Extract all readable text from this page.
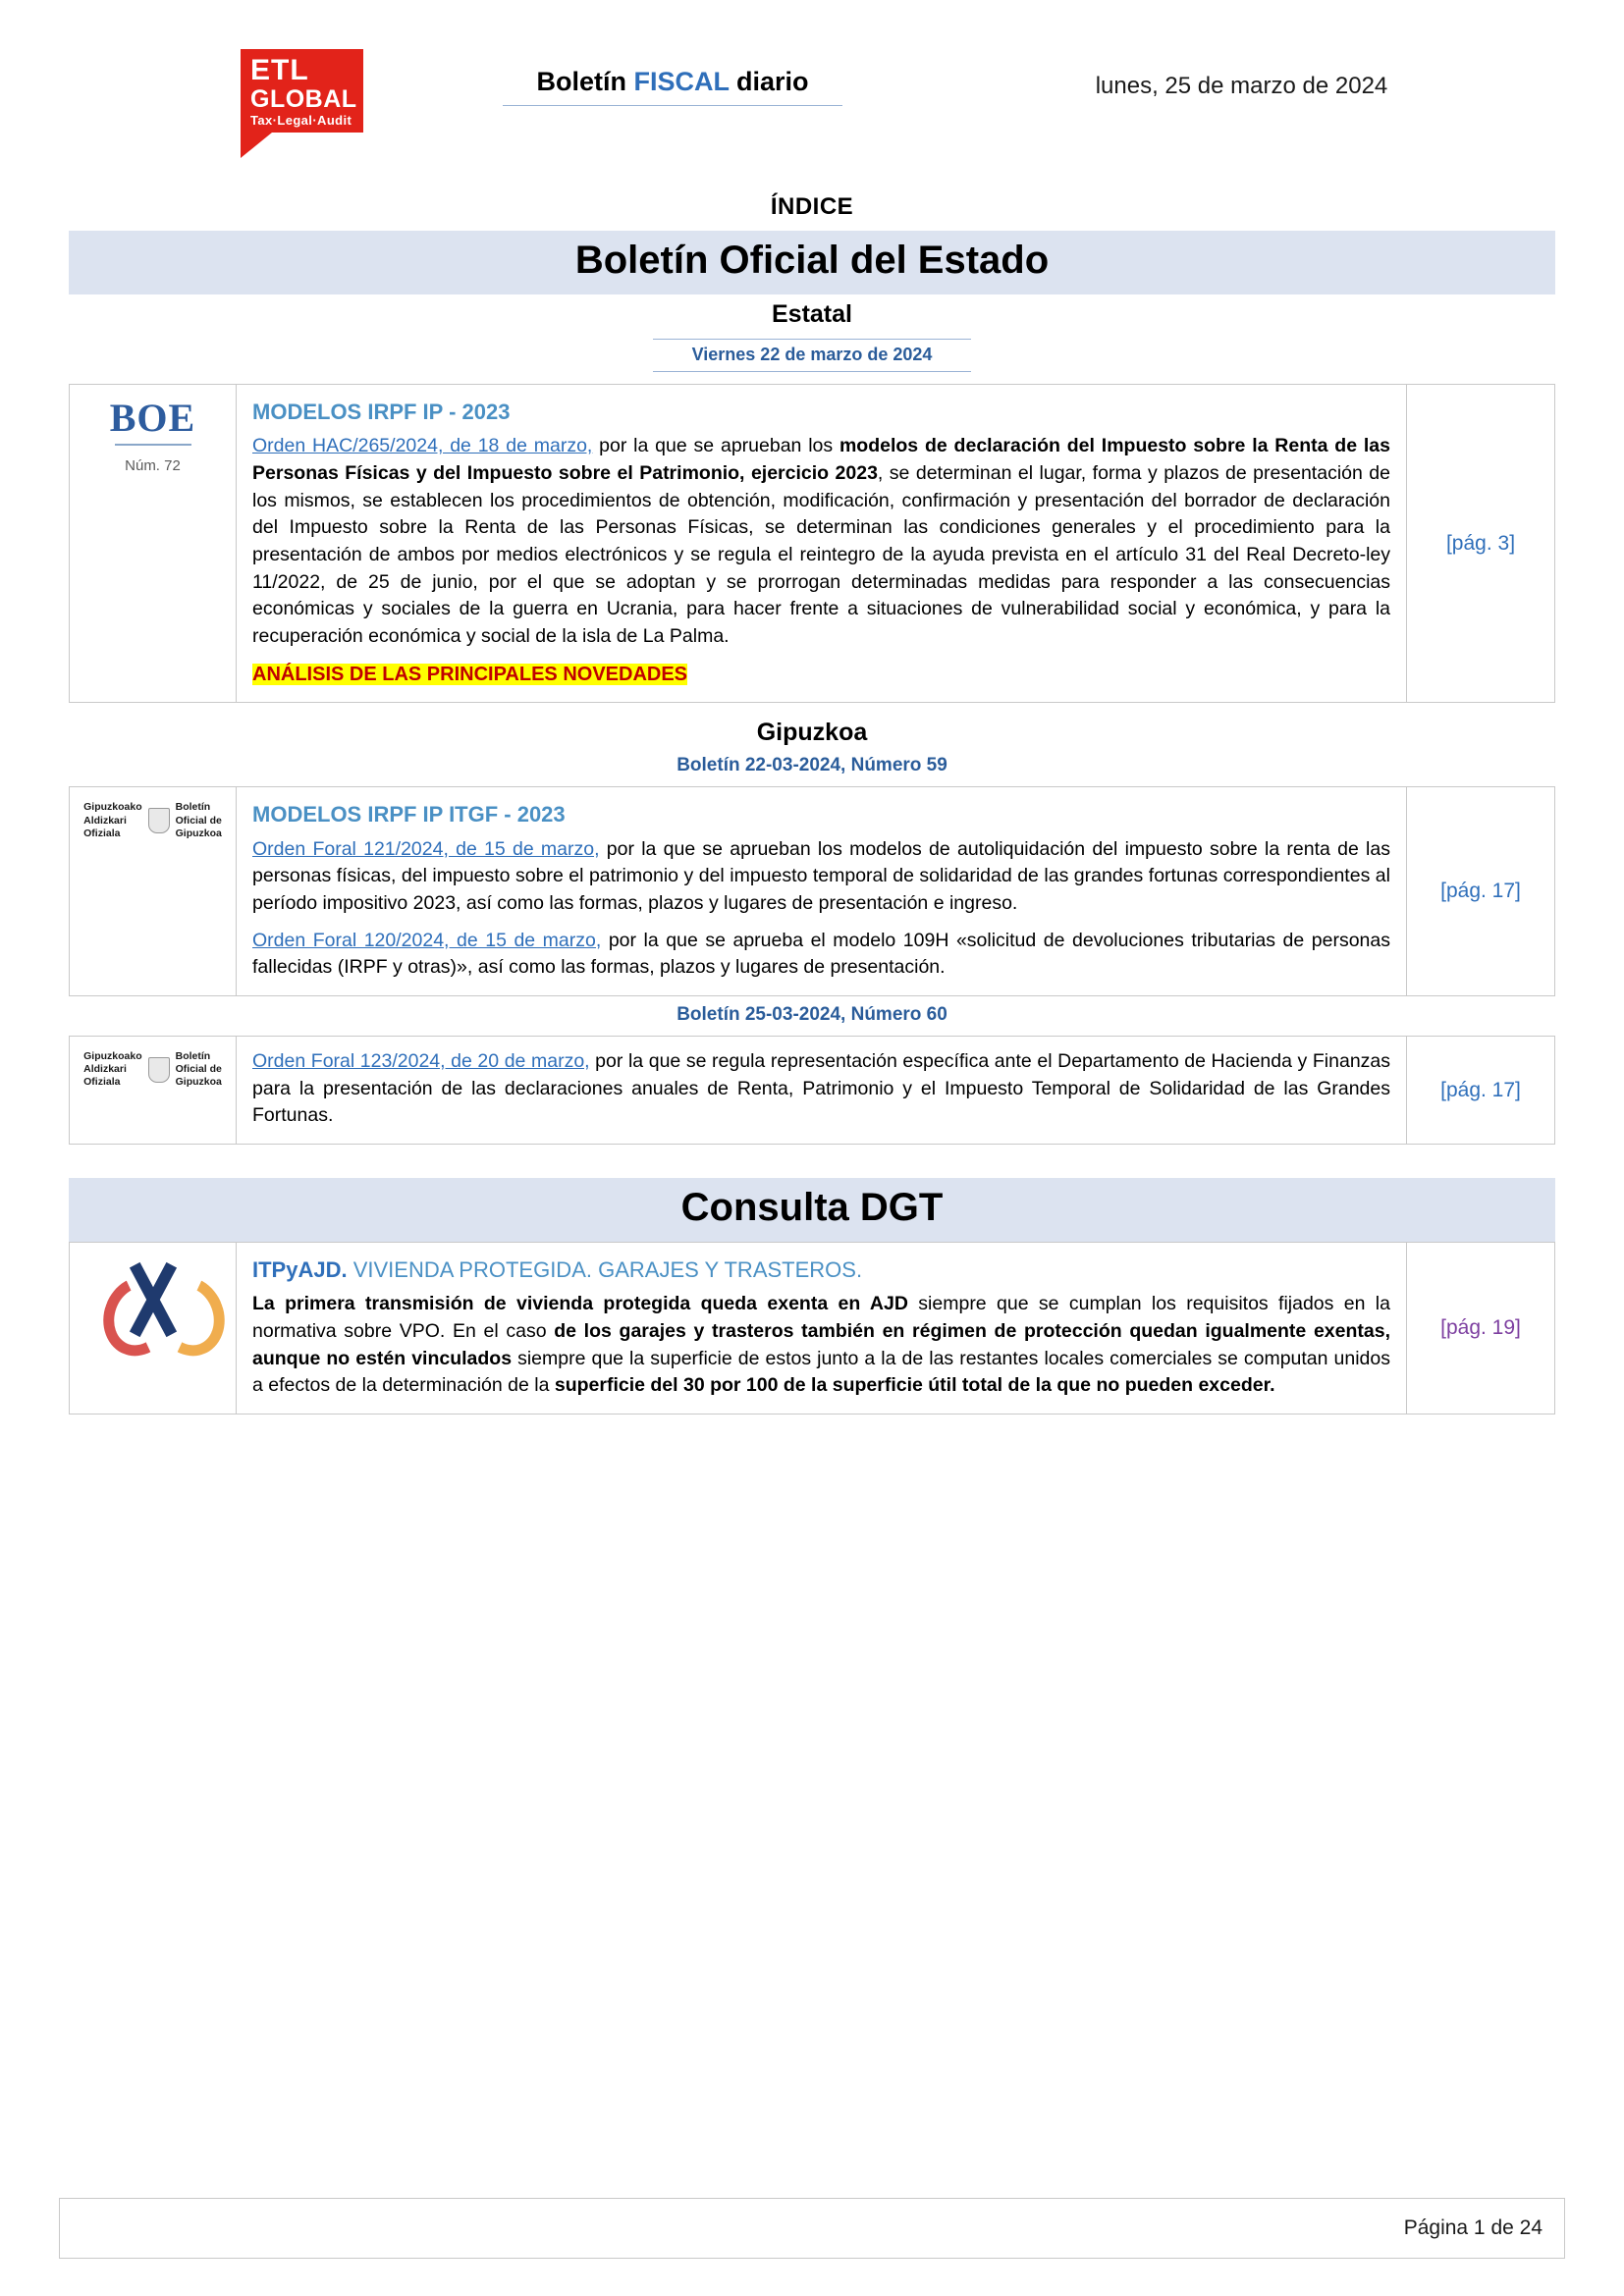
ETL
GLOBAL
Tax·Legal·Audit
Boletín FISCAL diario	lunes, 25 de marzo de 2024
ÍNDICE
Boletín Oficial del Estado
Estatal
Viernes 22 de marzo de 2024
BOE
Núm. 72
MODELOS IRPF IP - 2023

Orden HAC/265/2024, de 18 de marzo, por la que se aprueban los modelos de declaración del Impuesto sobre la Renta de las Personas Físicas y del Impuesto sobre el Patrimonio, ejercicio 2023, se determinan el lugar, forma y plazos de presentación de los mismos, se establecen los procedimientos de obtención, modificación, confirmación y presentación del borrador de declaración del Impuesto sobre la Renta de las Personas Físicas, se determinan las condiciones generales y el procedimiento para la presentación de ambos por medios electrónicos y se regula el reintegro de la ayuda prevista en el artículo 31 del Real Decreto-ley 11/2022, de 25 de junio, por el que se adoptan y se prorrogan determinadas medidas para responder a las consecuencias económicas y sociales de la guerra en Ucrania, para hacer frente a situaciones de vulnerabilidad social y económica, y para la recuperación económica y social de la isla de La Palma.

ANÁLISIS DE LAS PRINCIPALES NOVEDADES
[pág. 3]
Gipuzkoa
Boletín 22-03-2024, Número 59
Gipuzkoako
Aldizkari
Ofiziala
Boletín
Oficial de
Gipuzkoa
MODELOS IRPF IP ITGF - 2023

Orden Foral 121/2024, de 15 de marzo, por la que se aprueban los modelos de autoliquidación del impuesto sobre la renta de las personas físicas, del impuesto sobre el patrimonio y del impuesto temporal de solidaridad de las grandes fortunas correspondientes al período impositivo 2023, así como las formas, plazos y lugares de presentación e ingreso.

Orden Foral 120/2024, de 15 de marzo, por la que se aprueba el modelo 109H «solicitud de devoluciones tributarias de personas fallecidas (IRPF y otras)», así como las formas, plazos y lugares de presentación.

[pág. 17]
Boletín 25-03-2024, Número 60
Gipuzkoako
Aldizkari
Ofiziala
Boletín
Oficial de
Gipuzkoa

Orden Foral 123/2024, de 20 de marzo, por la que se regula representación específica ante el Departamento de Hacienda y Finanzas para la presentación de las declaraciones anuales de Renta, Patrimonio y el Impuesto Temporal de Solidaridad de las Grandes Fortunas.

[pág. 17]
Consulta DGT
ITPyAJD. VIVIENDA PROTEGIDA. GARAJES Y TRASTEROS.

La primera transmisión de vivienda protegida queda exenta en AJD siempre que se cumplan los requisitos fijados en la normativa sobre VPO. En el caso de los garajes y trasteros también en régimen de protección quedan igualmente exentas, aunque no estén vinculados siempre que la superficie de estos junto a la de las restantes locales comerciales se computan unidos a efectos de la determinación de la superficie del 30 por 100 de la superficie útil total de la que no pueden exceder.

[pág. 19]
Página 1 de 24
